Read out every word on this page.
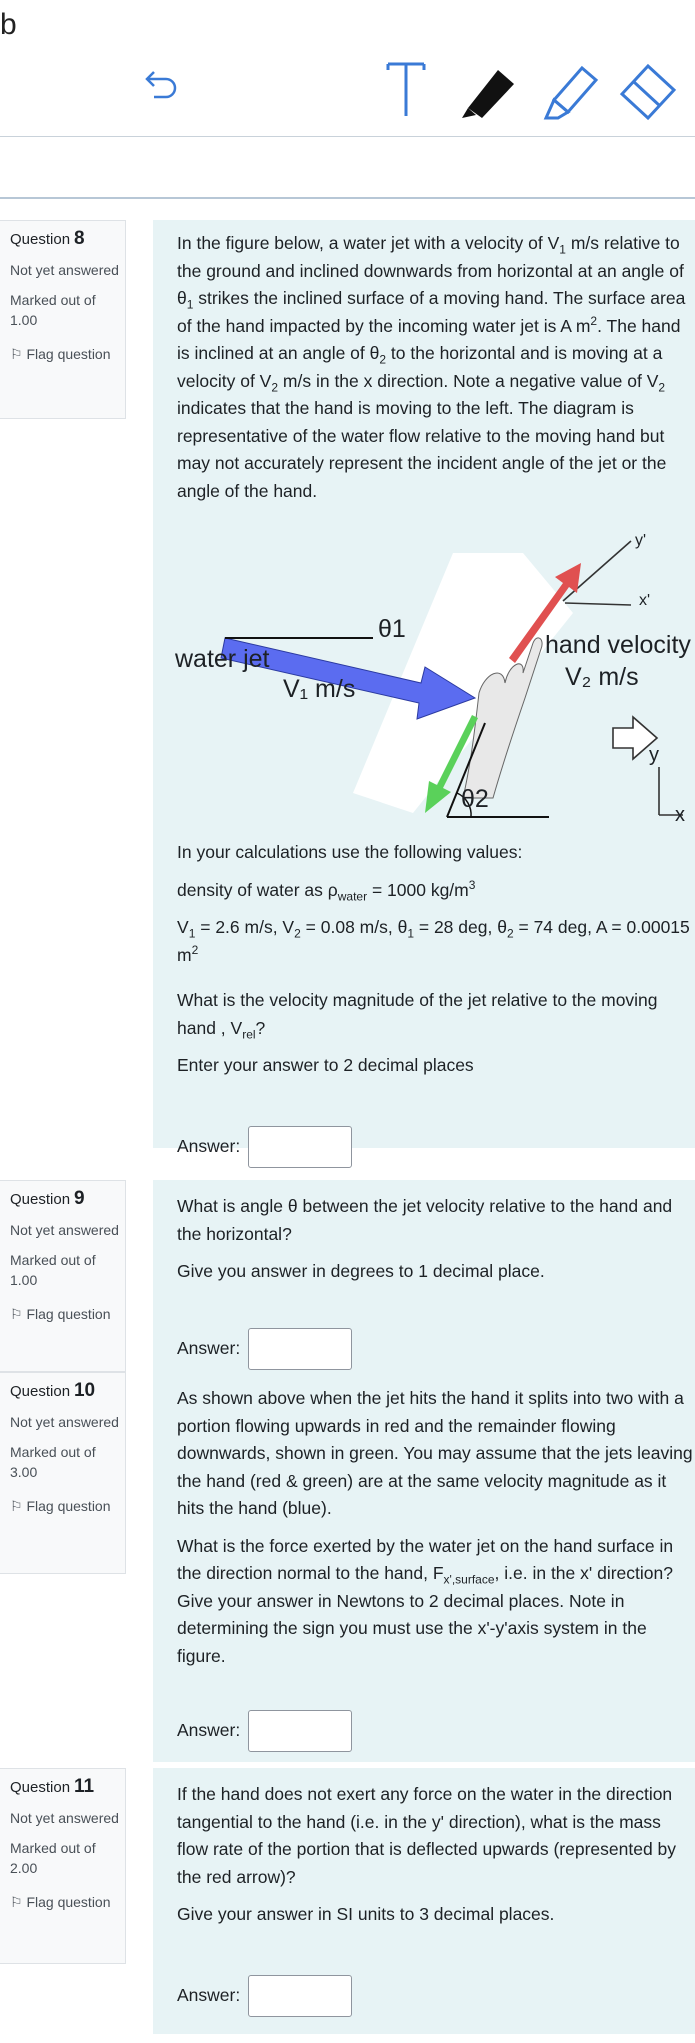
b
Question 8
Not yet answered
Marked out of 1.00
⚐ Flag question

In the figure below, a water jet with a velocity of $V_1$ m/s relative to the ground and inclined downwards from horizontal at an angle of $\theta_1$ strikes the inclined surface of a moving hand. The surface area of the hand impacted by the incoming water jet is A $m^2$. The hand is inclined at an angle of $\theta_2$ to the horizontal and is moving at a velocity of $V_2$ m/s in the x direction. Note a negative value of $V_2$ indicates that the hand is moving to the left. The diagram is representative of the water flow relative to the moving hand but may not accurately represent the incident angle of the jet or the angle of the hand.

θ1
water jet
V₁ m/s
θ2
hand velocity
V₂ m/s
y
x
y'
x'

In your calculations use the following values:

density of water as $\rho_{water} = 1000$ $kg/m^3$

$V_1 = 2.6$ m/s, $V_2 = 0.08$ m/s, $\theta_1 = 28$ deg, $\theta_2 = 74$ deg, A = 0.00015 $m^2$

What is the velocity magnitude of the jet relative to the moving hand , $V_{rel}$?

Enter your answer to 2 decimal places

Answer:
Question 9
Not yet answered
Marked out of 1.00
⚐ Flag question

What is angle θ between the jet velocity relative to the hand and the horizontal?

Give you answer in degrees to 1 decimal place.

Answer:
Question 10
Not yet answered
Marked out of 3.00
⚐ Flag question

As shown above when the jet hits the hand it splits into two with a portion flowing upwards in red and the remainder flowing downwards, shown in green. You may assume that the jets leaving the hand (red & green) are at the same velocity magnitude as it hits the hand (blue).

What is the force exerted by the water jet on the hand surface in the direction normal to the hand, $F_{x',surface}$, i.e. in the x' direction? Give your answer in Newtons to 2 decimal places. Note in determining the sign you must use the x'-y'axis system in the figure.

Answer:
Question 11
Not yet answered
Marked out of 2.00
⚐ Flag question

If the hand does not exert any force on the water in the direction tangential to the hand (i.e. in the y' direction), what is the mass flow rate of the portion that is deflected upwards (represented by the red arrow)?

Give your answer in SI units to 3 decimal places.

Answer:
